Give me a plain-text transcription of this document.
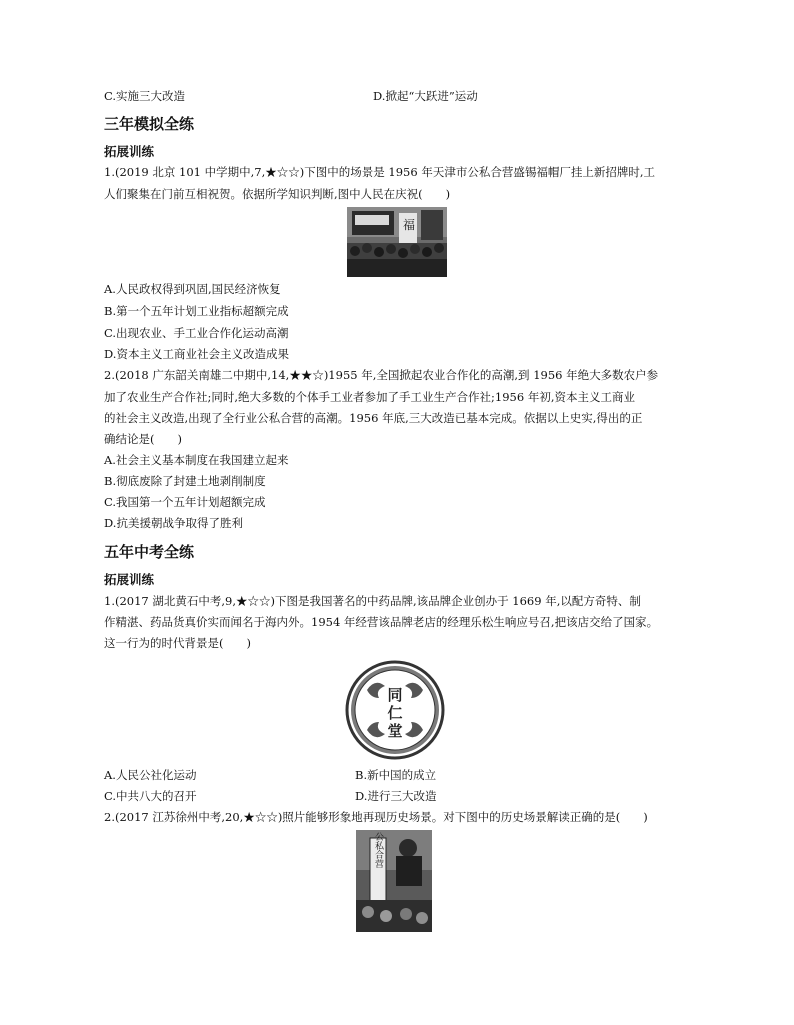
C.实施三大改造	D.掀起“大跃进”运动
三年模拟全练
拓展训练
1.(2019 北京 101 中学期中,7,★☆☆)下图中的场景是 1956 年天津市公私合营盛锡福帽厂挂上新招牌时,工
人们聚集在门前互相祝贺。依据所学知识判断,图中人民在庆祝(　　)
福
A.人民政权得到巩固,国民经济恢复
B.第一个五年计划工业指标超额完成
C.出现农业、手工业合作化运动高潮
D.资本主义工商业社会主义改造成果
2.(2018 广东韶关南雄二中期中,14,★★☆)1955 年,全国掀起农业合作化的高潮,到 1956 年绝大多数农户参
加了农业生产合作社;同时,绝大多数的个体手工业者参加了手工业生产合作社;1956 年初,资本主义工商业
的社会主义改造,出现了全行业公私合营的高潮。1956 年底,三大改造已基本完成。依据以上史实,得出的正
确结论是(　　)
A.社会主义基本制度在我国建立起来
B.彻底废除了封建土地剥削制度
C.我国第一个五年计划超额完成
D.抗美援朝战争取得了胜利
五年中考全练
拓展训练
1.(2017 湖北黄石中考,9,★☆☆)下图是我国著名的中药品牌,该品牌企业创办于 1669 年,以配方奇特、制
作精湛、药品货真价实而闻名于海内外。1954 年经营该品牌老店的经理乐松生响应号召,把该店交给了国家。
这一行为的时代背景是(　　)
同
仁
堂
A.人民公社化运动	B.新中国的成立
C.中共八大的召开	D.进行三大改造
2.(2017 江苏徐州中考,20,★☆☆)照片能够形象地再现历史场景。对下图中的历史场景解读正确的是(　　)
公私合营
